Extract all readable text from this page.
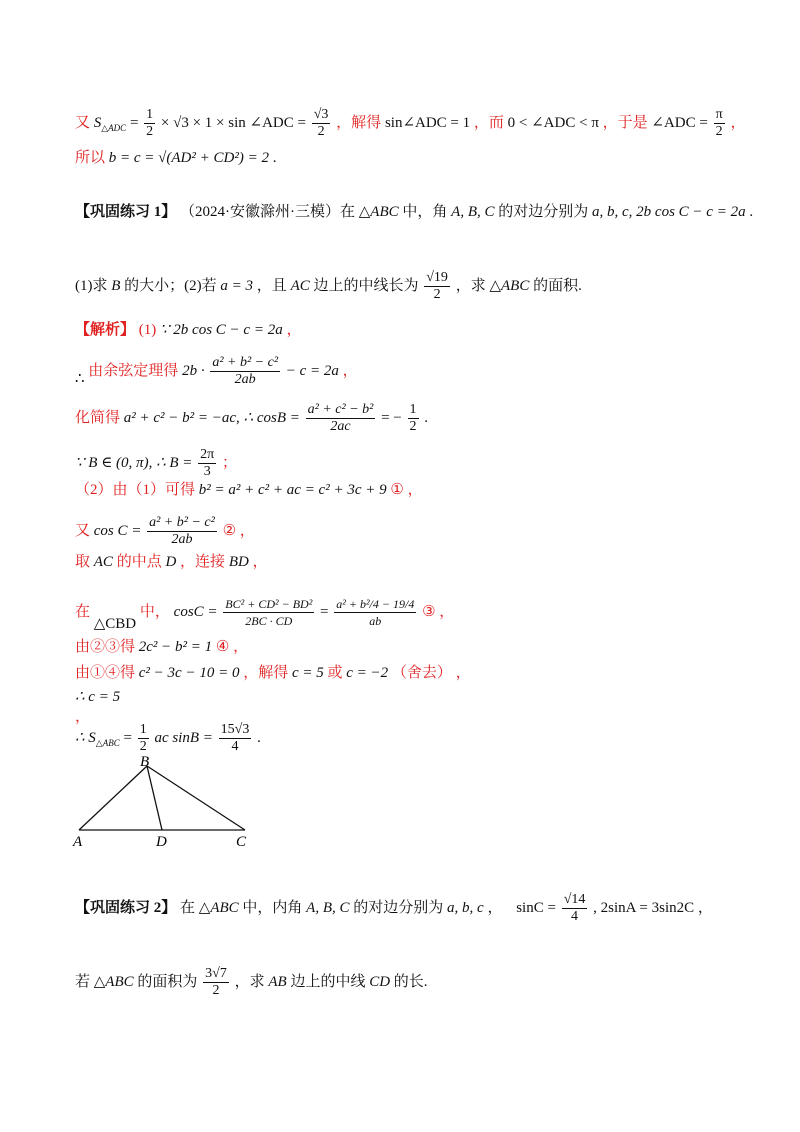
又 $S_{\triangle ADC} = \frac{1}{2} \times √3 \times 1 \times \sin$ ∠ADC = $\frac{√3}{2}$ ，解得 sin∠ADC = 1 ，而 0 < ∠ADC < π ，于是 ∠ADC = $\frac{\pi}{2}$ ，
所以 b = c = √(AD² + CD²) = 2 .
【巩固练习 1】 （2024·安徽滁州·三模）在 △ABC 中，角 A, B, C 的对边分别为 a, b, c, 2b cos C − c = 2a .
(1)求 B 的大小；(2)若 a = 3 ，且 AC 边上的中线长为 $\frac{√19}{2}$ ，求 △ABC 的面积.
【解析】 (1) ∵ 2b cos C − c = 2a ，
∴ 由余弦定理得 $2b \cdot \frac{\text{a² + b² − c²}}{2ab} - c = 2a$ ，
化简得 a² + c² − b² = −ac, ∴ $\cos B = \frac{\text{a² + c² − b²}}{2ac}$ = − $\frac{1}{2}$ .
∵ B ∈ (0, π), ∴ $B = \frac{2\pi}{3}$ ；
（2）由（1）可得 b² = a² + c² + ac = c² + 3c + 9 ① ，
又 $\cos C = \frac{\text{a² + b² − c²}}{2ab}$ ② ，
取 AC 的中点 D ，连接 BD ，
在 △CBD 中， $\cos C = \frac{\text{BC² + CD² − BD²}}{2BC \cdot CD} = \frac{\text{a² + b²/4 − 19/4}}{ab}$ ③ ，
由②③得 2c² − b² = 1 ④ ，
由①④得 c² − 3c − 10 = 0 ，解得 c = 5 或 c = −2 （舍去） ，
∴ c = 5
，
∴ $S_{\triangle ABC} = \frac{1}{2}$ ac $\sin B = \frac{15√3}{4}$ .
B
A	D	C
【巩固练习 2】 在 △ABC 中，内角 A, B, C 的对边分别为 a, b, c ， $\sin C = \frac{√14}{4}$ , 2sinA = 3sin2C ，
若 △ABC 的面积为 $\frac{3√7}{2}$ ，求 AB 边上的中线 CD 的长.
